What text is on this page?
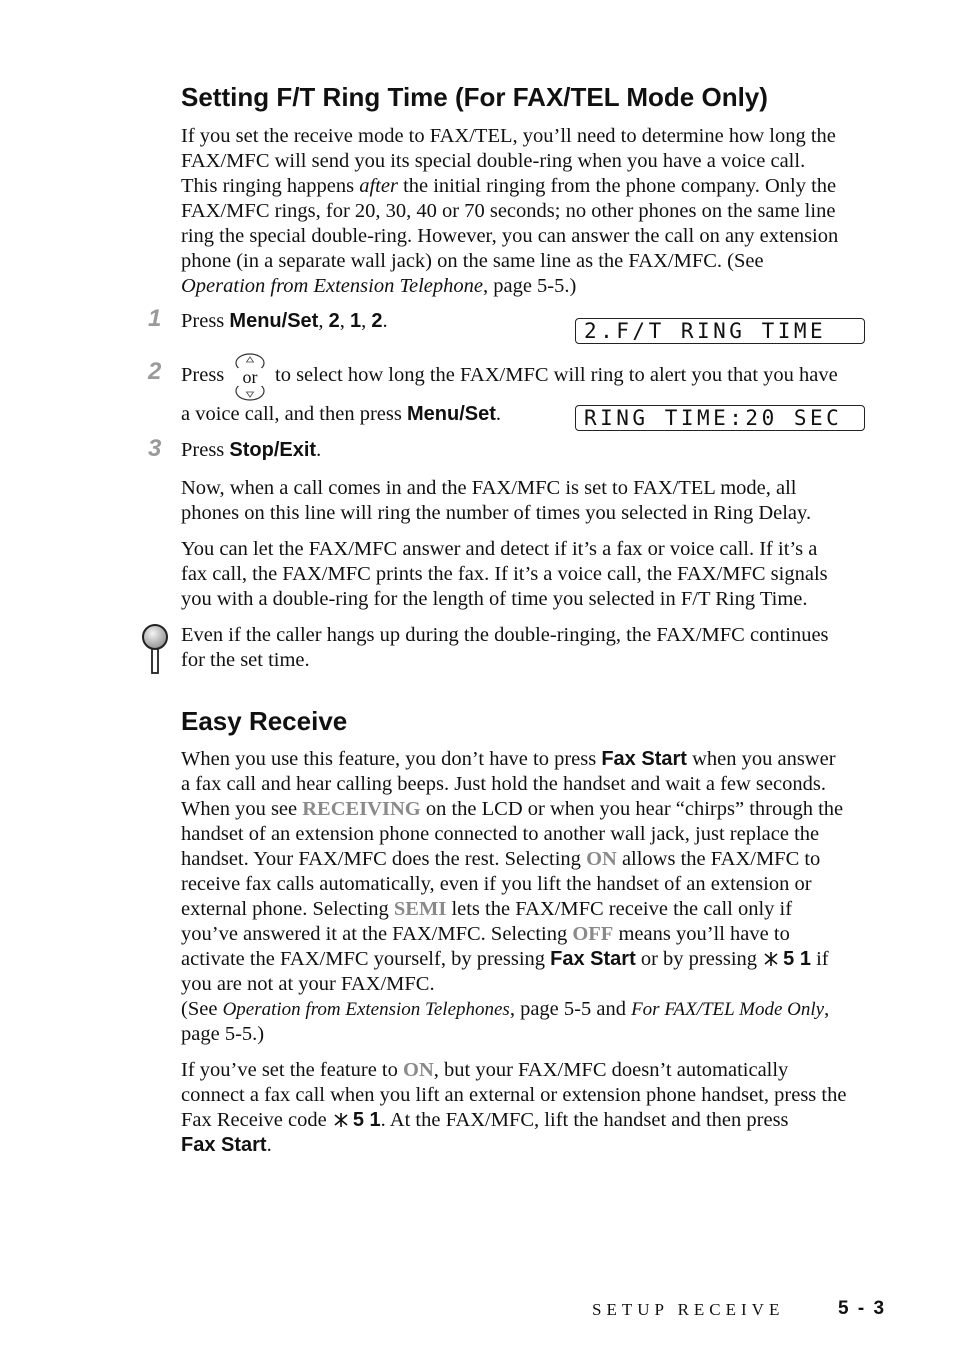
Setting F/T Ring Time (For FAX/TEL Mode Only)
If you set the receive mode to FAX/TEL, you’ll need to determine how long the
FAX/MFC will send you its special double-ring when you have a voice call.
This ringing happens after the initial ringing from the phone company. Only the
FAX/MFC rings, for 20, 30, 40 or 70 seconds; no other phones on the same line
ring the special double-ring. However, you can answer the call on any extension
phone (in a separate wall jack) on the same line as the FAX/MFC. (See
Operation from Extension Telephone, page 5-5.)
1 Press Menu/Set, 2, 1, 2.	2.F/T RING TIME
2 Press or to select how long the FAX/MFC will ring to alert you that you have
a voice call, and then press Menu/Set.	RING TIME:20 SEC
3 Press Stop/Exit.
Now, when a call comes in and the FAX/MFC is set to FAX/TEL mode, all
phones on this line will ring the number of times you selected in Ring Delay.
You can let the FAX/MFC answer and detect if it’s a fax or voice call. If it’s a
fax call, the FAX/MFC prints the fax. If it’s a voice call, the FAX/MFC signals
you with a double-ring for the length of time you selected in F/T Ring Time.
Even if the caller hangs up during the double-ringing, the FAX/MFC continues
for the set time.
Easy Receive
When you use this feature, you don’t have to press Fax Start when you answer
a fax call and hear calling beeps. Just hold the handset and wait a few seconds.
When you see RECEIVING on the LCD or when you hear “chirps” through the
handset of an extension phone connected to another wall jack, just replace the
handset. Your FAX/MFC does the rest. Selecting ON allows the FAX/MFC to
receive fax calls automatically, even if you lift the handset of an extension or
external phone. Selecting SEMI lets the FAX/MFC receive the call only if
you’ve answered it at the FAX/MFC. Selecting OFF means you’ll have to
activate the FAX/MFC yourself, by pressing Fax Start or by pressing 5 1 if
you are not at your FAX/MFC.
(See Operation from Extension Telephones, page 5-5 and For FAX/TEL Mode Only,
page 5-5.)
If you’ve set the feature to ON, but your FAX/MFC doesn’t automatically
connect a fax call when you lift an external or extension phone handset, press the
Fax Receive code 5 1. At the FAX/MFC, lift the handset and then press
Fax Start.
SETUP RECEIVE	5 - 3
